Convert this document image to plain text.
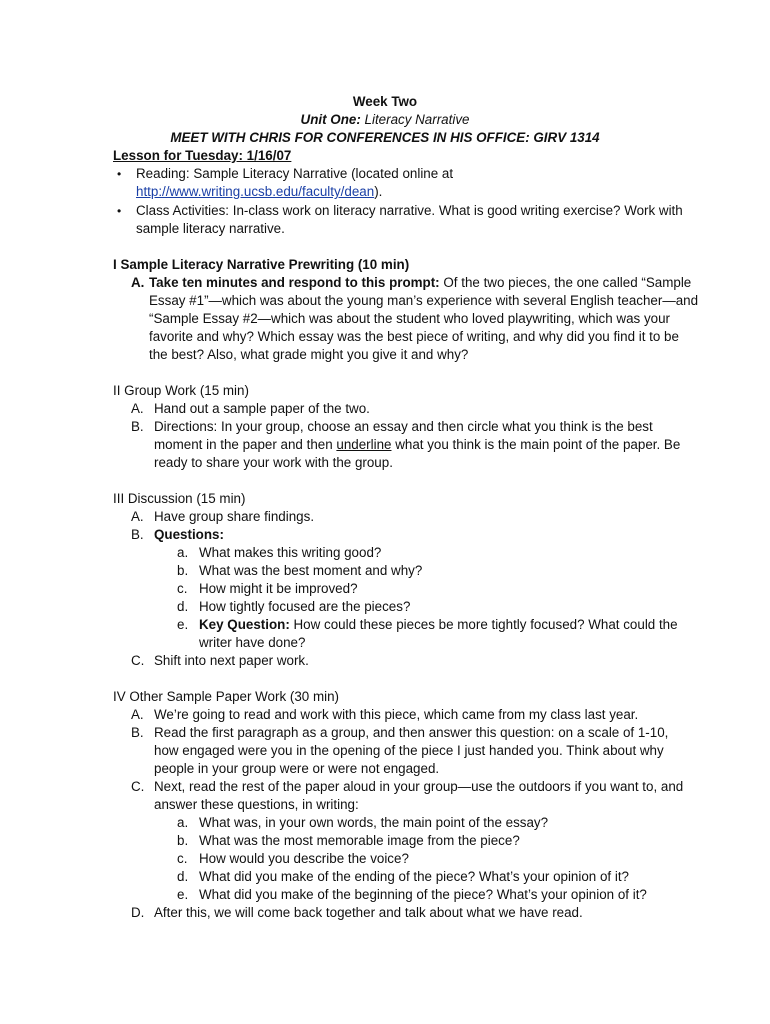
Week Two
Unit One: Literacy Narrative
MEET WITH CHRIS FOR CONFERENCES IN HIS OFFICE: GIRV 1314
Lesson for Tuesday: 1/16/07
• Reading: Sample Literacy Narrative (located online at
http://www.writing.ucsb.edu/faculty/dean).
• Class Activities: In-class work on literacy narrative. What is good writing exercise? Work with
sample literacy narrative.
I Sample Literacy Narrative Prewriting (10 min)
A. Take ten minutes and respond to this prompt: Of the two pieces, the one called “Sample
Essay #1”—which was about the young man’s experience with several English teacher—and
“Sample Essay #2—which was about the student who loved playwriting, which was your
favorite and why? Which essay was the best piece of writing, and why did you find it to be
the best? Also, what grade might you give it and why?
II Group Work (15 min)
A. Hand out a sample paper of the two.
B. Directions: In your group, choose an essay and then circle what you think is the best
moment in the paper and then underline what you think is the main point of the paper. Be
ready to share your work with the group.
III Discussion (15 min)
A. Have group share findings.
B. Questions:
a. What makes this writing good?
b. What was the best moment and why?
c. How might it be improved?
d. How tightly focused are the pieces?
e. Key Question: How could these pieces be more tightly focused? What could the
writer have done?
C. Shift into next paper work.
IV Other Sample Paper Work (30 min)
A. We’re going to read and work with this piece, which came from my class last year.
B. Read the first paragraph as a group, and then answer this question: on a scale of 1-10,
how engaged were you in the opening of the piece I just handed you. Think about why
people in your group were or were not engaged.
C. Next, read the rest of the paper aloud in your group—use the outdoors if you want to, and
answer these questions, in writing:
a. What was, in your own words, the main point of the essay?
b. What was the most memorable image from the piece?
c. How would you describe the voice?
d. What did you make of the ending of the piece? What’s your opinion of it?
e. What did you make of the beginning of the piece? What’s your opinion of it?
D. After this, we will come back together and talk about what we have read.
